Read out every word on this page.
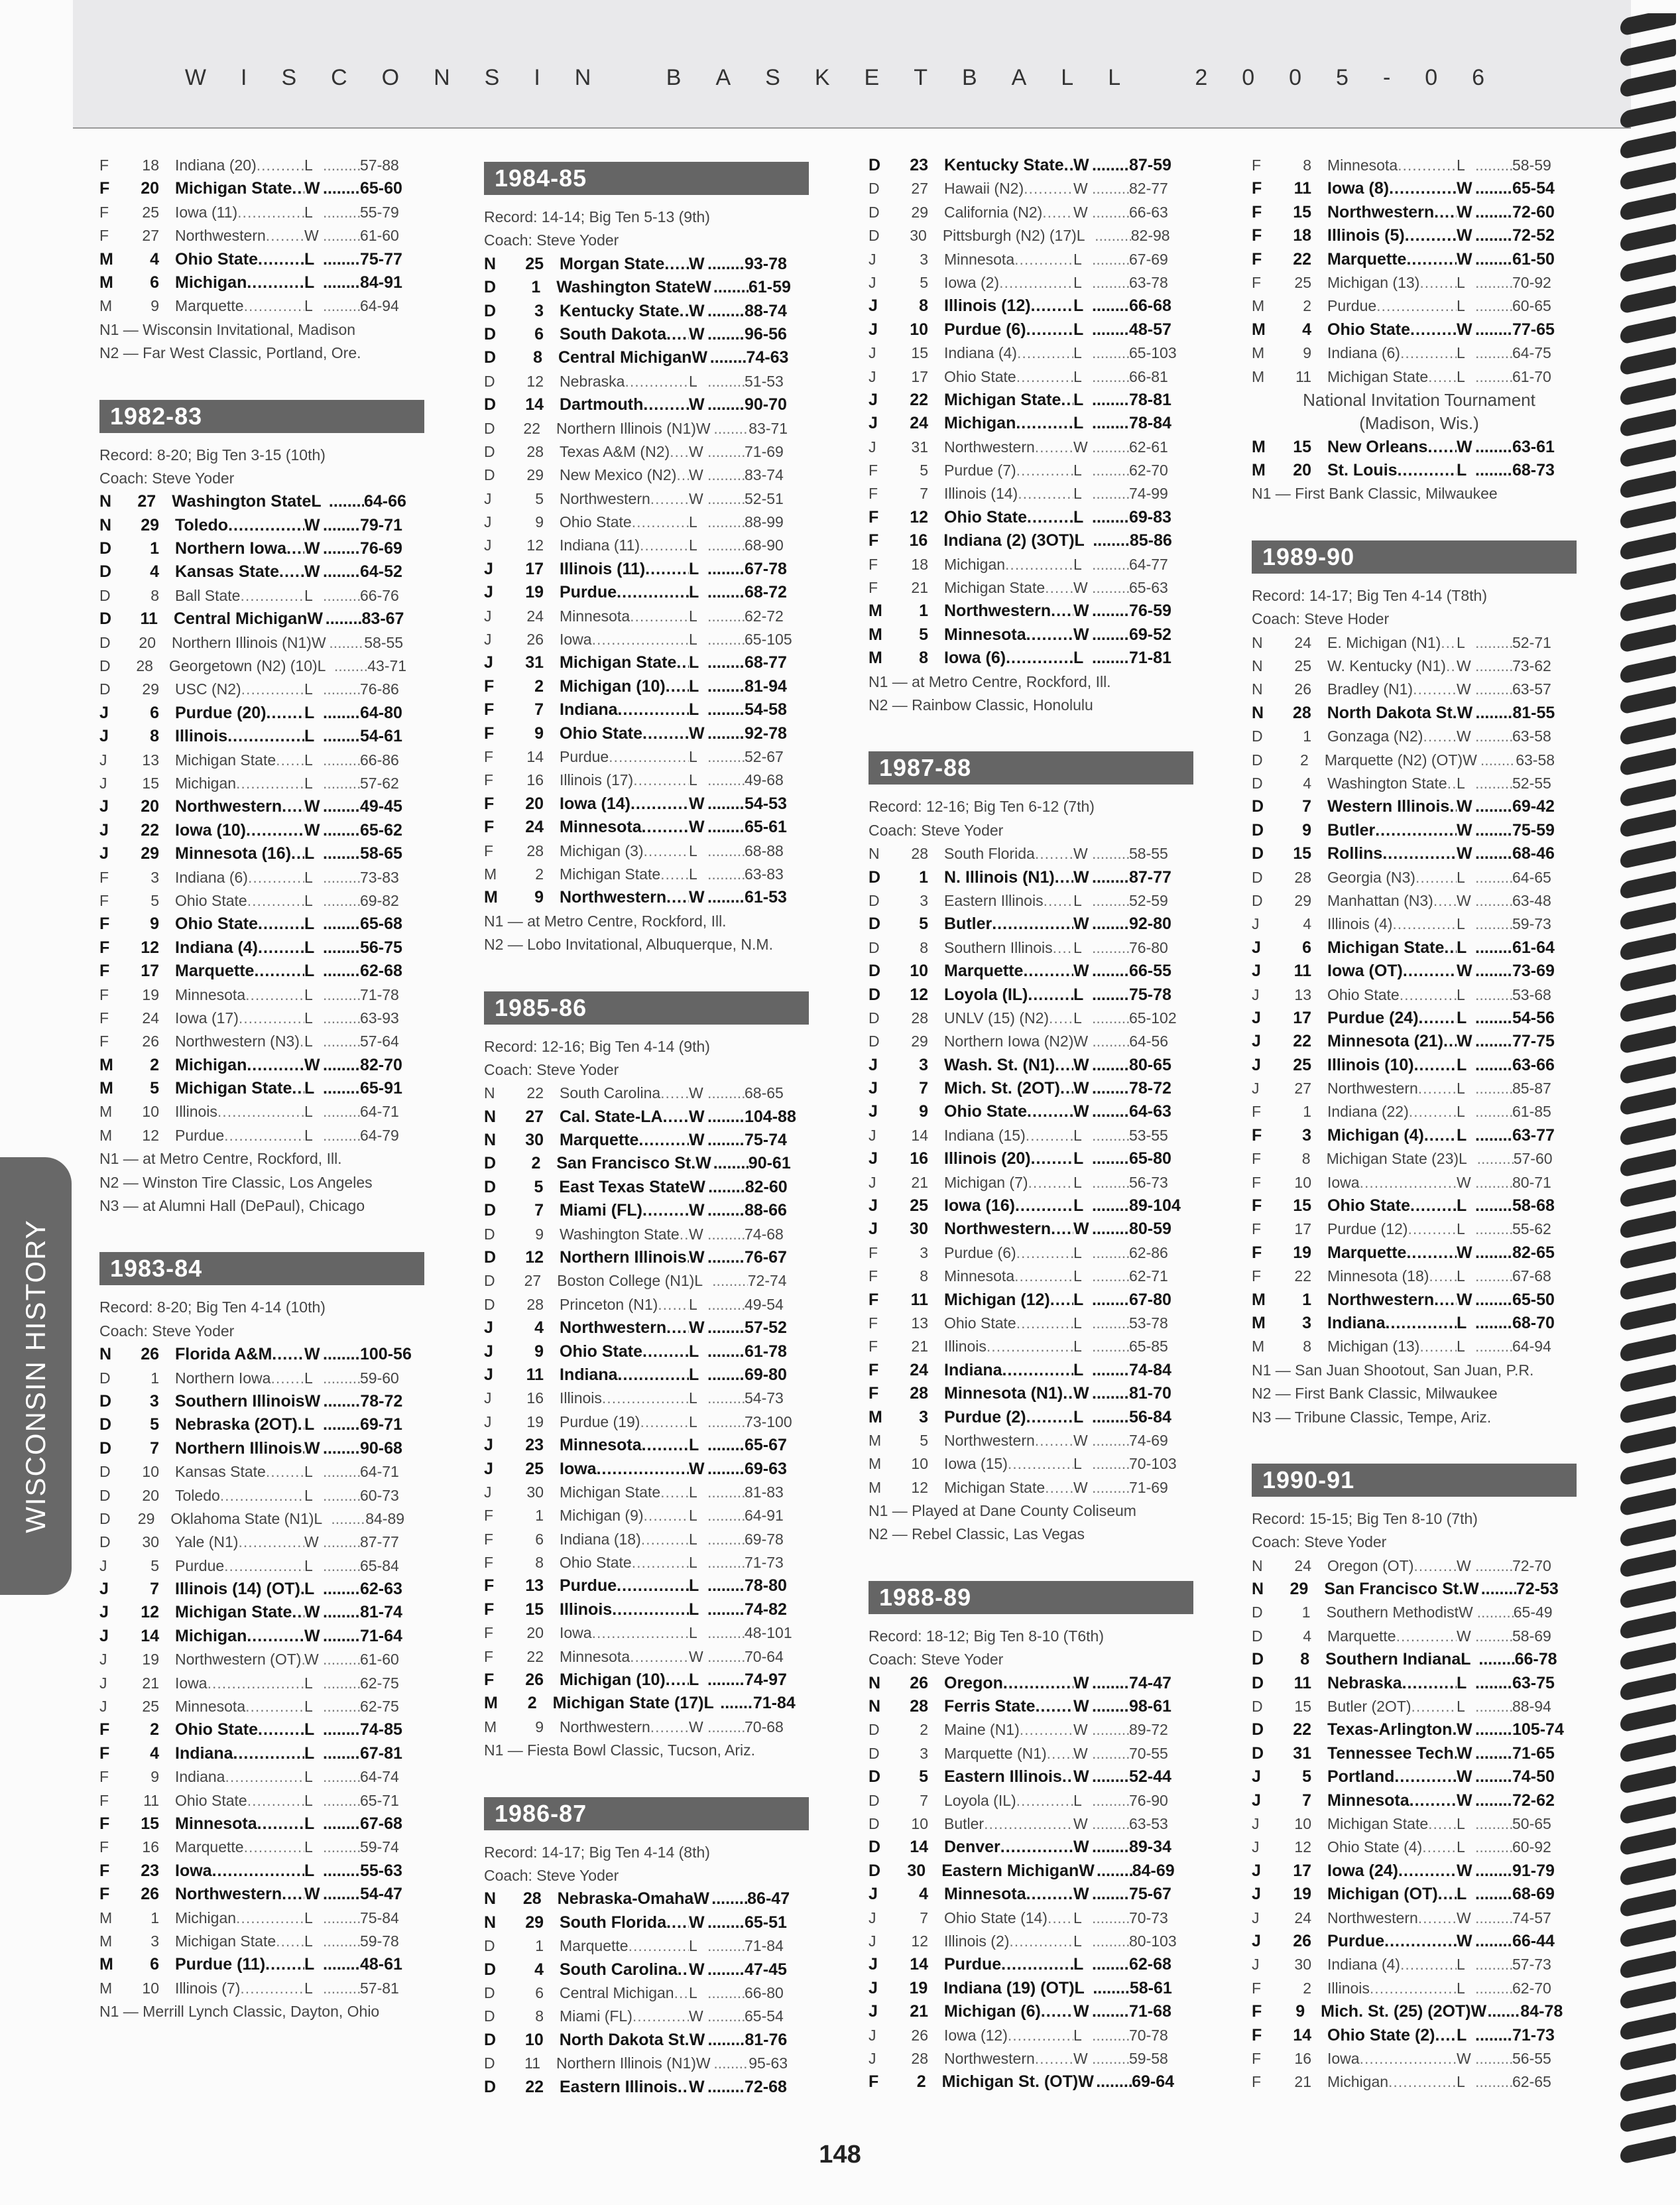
WISCONSIN BASKETBALL 2005-06
WISCONSIN HISTORY
F	18	Indiana (20) .....	L .....	57-88
F	20 Michigan State ..... W ..... 65-60
F	25	Iowa (11) .....	L .....	55-79
F	27	Northwestern .....	W .....	61-60
M	4 Ohio State .....	L .....	75-77
M	6 Michigan .....	L .....	84-91
M	9	Marquette .....	L .....	64-94
N1 — Wisconsin Invitational, Madison
N2 — Far West Classic, Portland, Ore.
1982-83
Record: 8-20; Big Ten 3-15 (10th)
Coach: Steve Yoder
N	27 Washington State L .....	64-66
N	29 Toledo .....	W ..... 79-71
D	1 Northern Iowa ..... W ..... 76-69
D	4 Kansas State ..... W ..... 64-52
D	8	Ball State .....	L .....	66-76
D	11 Central Michigan W ..... 83-67
D	20	Northern Illinois (N1) W .....	58-55
D	28	Georgetown (N2) (10) L .....	43-71
D	29	USC (N2) .....	L .....	76-86
J	6 Purdue (20) ..... L .....	64-80
J	8 Illinois .....	L .....	54-61
J	13	Michigan State ..... L .....	66-86
J	15	Michigan .....	L .....	57-62
J	20 Northwestern ..... W ..... 49-45
J	22 Iowa (10) .....	W ..... 65-62
J	29 Minnesota (16) ..... L .....	58-65
F	3	Indiana (6) .....	L .....	73-83
F	5	Ohio State .....	L .....	69-82
F	9 Ohio State .....	L .....	65-68
F	12 Indiana (4) .....	L .....	56-75
F	17 Marquette .....	L .....	62-68
F	19	Minnesota .....	L .....	71-78
F	24	Iowa (17) .....	L .....	63-93
F	26	Northwestern (N3) ..... L .....	57-64
M	2 Michigan .....	W ..... 82-70
M	5 Michigan State ..... L .....	65-91
M	10	Illinois .....	L .....	64-71
M	12	Purdue .....	L .....	64-79
N1 — at Metro Centre, Rockford, Ill.
N2 — Winston Tire Classic, Los Angeles
N3 — at Alumni Hall (DePaul), Chicago
1983-84
Record: 8-20; Big Ten 4-14 (10th)
Coach: Steve Yoder
N	26 Florida A&M ..... W ..... 100-56
D	1	Northern Iowa ..... L .....	59-60
D	3 Southern Illinois W ..... 78-72
D	5 Nebraska (2OT) ..... L .....	69-71
D	7 Northern Illinois ..... W ..... 90-68
D	10	Kansas State .....	L .....	64-71
D	20	Toledo .....	L .....	60-73
D	29	Oklahoma State (N1) L .....	84-89
D	30	Yale (N1) .....	W .....	87-77
J	5	Purdue .....	L .....	65-84
J	7 Illinois (14) (OT) ..... L .....	62-63
J	12 Michigan State ..... W ..... 81-74
J	14 Michigan .....	W ..... 71-64
J	19	Northwestern (OT) ..... W .....	61-60
J	21	Iowa .....	L .....	62-75
J	25	Minnesota .....	L .....	62-75
F	2 Ohio State .....	L .....	74-85
F	4 Indiana .....	L .....	67-81
F	9	Indiana .....	L .....	64-74
F	11	Ohio State .....	L .....	65-71
F	15 Minnesota .....	L .....	67-68
F	16	Marquette .....	L .....	59-74
F	23 Iowa .....	L .....	55-63
F	26 Northwestern ..... W ..... 54-47
M	1	Michigan .....	L .....	75-84
M	3	Michigan State ..... L .....	59-78
M	6 Purdue (11) ..... L .....	48-61
M	10	Illinois (7) .....	L .....	57-81
N1 — Merrill Lynch Classic, Dayton, Ohio
1984-85
Record: 14-14; Big Ten 5-13 (9th)
Coach: Steve Yoder
N	25 Morgan State ..... W ..... 93-78
D	1 Washington State W ..... 61-59
D	3 Kentucky State ..... W ..... 88-74
D	6 South Dakota ..... W ..... 96-56
D	8 Central Michigan W ..... 74-63
D	12	Nebraska .....	L .....	51-53
D	14 Dartmouth .....	W ..... 90-70
D	22	Northern Illinois (N1) W .....	83-71
D	28	Texas A&M (N2) ..... W .....	71-69
D	29	New Mexico (N2) ..... W .....	83-74
J	5	Northwestern .....	W .....	52-51
J	9	Ohio State .....	L .....	88-99
J	12	Indiana (11) .....	L .....	68-90
J	17 Illinois (11) .....	L .....	67-78
J	19 Purdue .....	L .....	68-72
J	24	Minnesota .....	L .....	62-72
J	26	Iowa .....	L .....	65-105
J	31 Michigan State ..... L .....	68-77
F	2 Michigan (10) ..... L .....	81-94
F	7 Indiana .....	L .....	54-58
F	9 Ohio State .....	W ..... 92-78
F	14	Purdue .....	L .....	52-67
F	16	Illinois (17) .....	L .....	49-68
F	20 Iowa (14) .....	W ..... 54-53
F	24 Minnesota .....	W ..... 65-61
F	28	Michigan (3) .....	L .....	68-88
M	2	Michigan State ..... L .....	63-83
M	9 Northwestern ..... W ..... 61-53
N1 — at Metro Centre, Rockford, Ill.
N2 — Lobo Invitational, Albuquerque, N.M.
1985-86
Record: 12-16; Big Ten 4-14 (9th)
Coach: Steve Yoder
N	22	South Carolina ..... W .....	68-65
N	27 Cal. State-LA ..... W ..... 104-88
N	30 Marquette .....	W ..... 75-74
D	2 San Francisco St. W ..... 90-61
D	5 East Texas State W ..... 82-60
D	7 Miami (FL) .....	W ..... 88-66
D	9	Washington State ..... W .....	74-68
D	12 Northern Illinois ..... W ..... 76-67
D	27	Boston College (N1) L .....	72-74
D	28	Princeton (N1) ..... L .....	49-54
J	4 Northwestern ..... W ..... 57-52
J	9 Ohio State .....	L .....	61-78
J	11 Indiana .....	L .....	69-80
J	16	Illinois .....	L .....	54-73
J	19	Purdue (19) .....	L .....	73-100
J	23 Minnesota .....	L .....	65-67
J	25 Iowa .....	W ..... 69-63
J	30	Michigan State ..... L .....	81-83
F	1	Michigan (9) .....	L .....	64-91
F	6	Indiana (18) .....	L .....	69-78
F	8	Ohio State .....	L .....	71-73
F	13 Purdue .....	L .....	78-80
F	15 Illinois .....	L .....	74-82
F	20	Iowa .....	L .....	48-101
F	22	Minnesota .....	W .....	70-64
F	26 Michigan (10) ..... L .....	74-97
M	2 Michigan State (17) L .....	71-84
M	9	Northwestern .....	W .....	70-68
N1 — Fiesta Bowl Classic, Tucson, Ariz.
1986-87
Record: 14-17; Big Ten 4-14 (8th)
Coach: Steve Yoder
N	28 Nebraska-Omaha W ..... 86-47
N	29 South Florida ..... W ..... 65-51
D	1	Marquette .....	L .....	71-84
D	4 South Carolina ..... W ..... 47-45
D	6	Central Michigan ..... L .....	66-80
D	8	Miami (FL) .....	W .....	65-54
D	10 North Dakota St. W ..... 81-76
D	11	Northern Illinois (N1) W .....	95-63
D	22 Eastern Illinois ..... W ..... 72-68
D	23 Kentucky State ..... W ..... 87-59
D	27	Hawaii (N2) .....	W .....	82-77
D	29	California (N2) ..... W .....	66-63
D	30	Pittsburgh (N2) (17) L .....	82-98
J	3	Minnesota .....	L .....	67-69
J	5	Iowa (2) .....	L .....	63-78
J	8 Illinois (12) .....	L .....	66-68
J	10 Purdue (6) .....	L .....	48-57
J	15	Indiana (4) .....	L .....	65-103
J	17	Ohio State .....	L .....	66-81
J	22 Michigan State ..... L .....	78-81
J	24 Michigan .....	L .....	78-84
J	31	Northwestern .....	W .....	62-61
F	5	Purdue (7) .....	L .....	62-70
F	7	Illinois (14) .....	L .....	74-99
F	12 Ohio State .....	L .....	69-83
F	16 Indiana (2) (3OT) L .....	85-86
F	18	Michigan .....	L .....	64-77
F	21	Michigan State ..... W .....	65-63
M	1 Northwestern ..... W ..... 76-59
M	5 Minnesota .....	W ..... 69-52
M	8 Iowa (6) .....	L .....	71-81
N1 — at Metro Centre, Rockford, Ill.
N2 — Rainbow Classic, Honolulu
1987-88
Record: 12-16; Big Ten 6-12 (7th)
Coach: Steve Yoder
N	28	South Florida .....	W .....	58-55
D	1 N. Illinois (N1) ..... W ..... 87-77
D	3	Eastern Illinois ..... L .....	52-59
D	5 Butler .....	W ..... 92-80
D	8	Southern Illinois ..... L .....	76-80
D	10 Marquette .....	W ..... 66-55
D	12 Loyola (IL) .....	L .....	75-78
D	28	UNLV (15) (N2) ..... L .....	65-102
D	29	Northern Iowa (N2) W .....	64-56
J	3 Wash. St. (N1) ..... W ..... 80-65
J	7 Mich. St. (2OT) ..... W ..... 78-72
J	9 Ohio State .....	W ..... 64-63
J	14	Indiana (15) .....	L .....	53-55
J	16 Illinois (20) .....	L .....	65-80
J	21	Michigan (7) .....	L .....	56-73
J	25 Iowa (16) .....	L .....	89-104
J	30 Northwestern ..... W ..... 80-59
F	3	Purdue (6) .....	L .....	62-86
F	8	Minnesota .....	L .....	62-71
F	11 Michigan (12) ..... L .....	67-80
F	13	Ohio State .....	L .....	53-78
F	21	Illinois .....	L .....	65-85
F	24 Indiana .....	L .....	74-84
F	28 Minnesota (N1) ..... W ..... 81-70
M	3 Purdue (2) .....	L .....	56-84
M	5	Northwestern .....	W .....	74-69
M	10	Iowa (15) .....	L .....	70-103
M	12	Michigan State ..... W .....	71-69
N1 — Played at Dane County Coliseum
N2 — Rebel Classic, Las Vegas
1988-89
Record: 18-12; Big Ten 8-10 (T6th)
Coach: Steve Yoder
N	26 Oregon .....	W ..... 74-47
N	28 Ferris State ..... W ..... 98-61
D	2	Maine (N1) .....	W .....	89-72
D	3	Marquette (N1) ..... W .....	70-55
D	5 Eastern Illinois ..... W ..... 52-44
D	7	Loyola (IL) .....	L .....	76-90
D	10	Butler .....	W .....	63-53
D	14 Denver .....	W ..... 89-34
D	30 Eastern Michigan W ..... 84-69
J	4 Minnesota .....	W ..... 75-67
J	7	Ohio State (14) ..... L .....	70-73
J	12	Illinois (2) .....	L .....	80-103
J	14 Purdue .....	L .....	62-68
J	19 Indiana (19) (OT) L .....	58-61
J	21 Michigan (6) ..... W ..... 71-68
J	26	Iowa (12) .....	L .....	70-78
J	28	Northwestern .....	W .....	59-58
F	2 Michigan St. (OT) W ..... 69-64
F	8	Minnesota .....	L .....	58-59
F	11 Iowa (8) .....	W ..... 65-54
F	15 Northwestern ..... W ..... 72-60
F	18 Illinois (5) .....	W ..... 72-52
F	22 Marquette .....	W ..... 61-50
F	25	Michigan (13) ..... L .....	70-92
M	2	Purdue .....	L .....	60-65
M	4 Ohio State .....	W ..... 77-65
M	9	Indiana (6) .....	L .....	64-75
M	11	Michigan State ..... L .....	61-70
National Invitation Tournament
(Madison, Wis.)
M	15 New Orleans ..... W ..... 63-61
M	20 St. Louis .....	L .....	68-73
N1 — First Bank Classic, Milwaukee
1989-90
Record: 14-17; Big Ten 4-14 (T8th)
Coach: Steve Hoder
N	24	E. Michigan (N1) ..... L .....	52-71
N	25	W. Kentucky (N1) ..... W .....	73-62
N	26	Bradley (N1) .....	W .....	63-57
N	28 North Dakota St. W ..... 81-55
D	1	Gonzaga (N2) ..... W .....	63-58
D	2	Marquette (N2) (OT) W .....	63-58
D	4	Washington State ..... L .....	52-55
D	7 Western Illinois ..... W ..... 69-42
D	9 Butler .....	W ..... 75-59
D	15 Rollins .....	W ..... 68-46
D	28	Georgia (N3) .....	L .....	64-65
D	29	Manhattan (N3) ..... W .....	63-48
J	4	Illinois (4) .....	L .....	59-73
J	6 Michigan State ..... L .....	61-64
J	11 Iowa (OT) .....	W ..... 73-69
J	13	Ohio State .....	L .....	53-68
J	17 Purdue (24) ..... L .....	54-56
J	22 Minnesota (21) ..... W ..... 77-75
J	25 Illinois (10) .....	L .....	63-66
J	27	Northwestern .....	L .....	85-87
F	1	Indiana (22) .....	L .....	61-85
F	3 Michigan (4) ..... L .....	63-77
F	8	Michigan State (23) L .....	57-60
F	10	Iowa .....	W .....	80-71
F	15 Ohio State .....	L .....	58-68
F	17	Purdue (12) .....	L .....	55-62
F	19 Marquette .....	W ..... 82-65
F	22	Minnesota (18) ..... L .....	67-68
M	1 Northwestern ..... W ..... 65-50
M	3 Indiana .....	L .....	68-70
M	8	Michigan (13) ..... L .....	64-94
N1 — San Juan Shootout, San Juan, P.R.
N2 — First Bank Classic, Milwaukee
N3 — Tribune Classic, Tempe, Ariz.
1990-91
Record: 15-15; Big Ten 8-10 (7th)
Coach: Steve Yoder
N	24	Oregon (OT) .....	W .....	72-70
N	29 San Francisco St. W ..... 72-53
D	1	Southern Methodist W .....	65-49
D	4	Marquette .....	W .....	58-69
D	8 Southern Indiana L .....	66-78
D	11 Nebraska .....	L .....	63-75
D	15	Butler (2OT) .....	L .....	88-94
D	22 Texas-Arlington ..... W ..... 105-74
D	31 Tennessee Tech ..... W ..... 71-65
J	5 Portland .....	W ..... 74-50
J	7 Minnesota .....	W ..... 72-62
J	10	Michigan State ..... L .....	50-65
J	12	Ohio State (4) ..... L .....	60-92
J	17 Iowa (24) .....	W ..... 91-79
J	19 Michigan (OT) ..... L .....	68-69
J	24	Northwestern .....	W .....	74-57
J	26 Purdue .....	W ..... 66-44
J	30	Indiana (4) .....	L .....	57-73
F	2	Illinois .....	L .....	62-70
F	9 Mich. St. (25) (2OT) W ..... 84-78
F	14 Ohio State (2) ..... L .....	71-73
F	16	Iowa .....	W .....	56-55
F	21	Michigan .....	L .....	62-65
148
